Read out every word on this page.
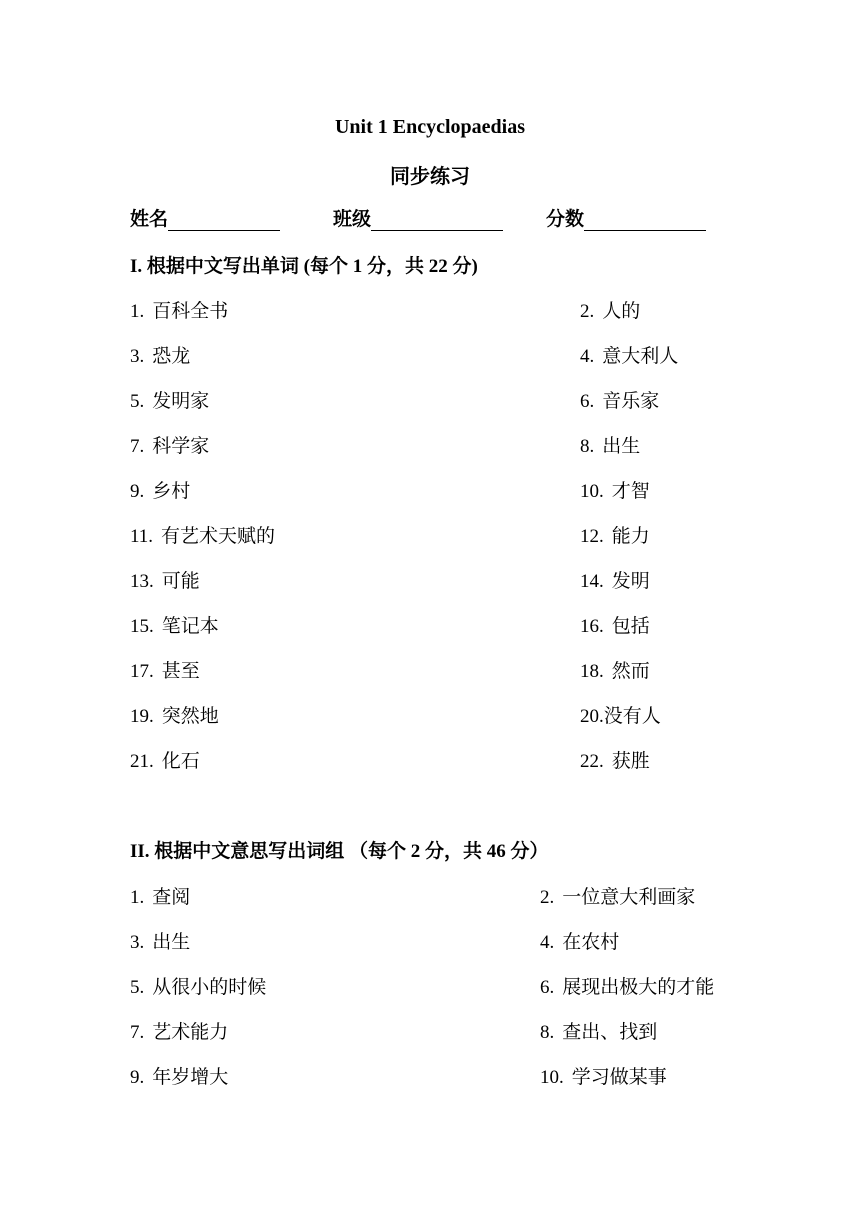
Unit 1 Encyclopaedias
同步练习
姓名	班级	分数
I. 根据中文写出单词 (每个 1 分，共 22 分)
1. 百科全书	2. 人的
3. 恐龙	4. 意大利人
5. 发明家	6. 音乐家
7. 科学家	8. 出生
9. 乡村	10. 才智
11. 有艺术天赋的	12. 能力
13. 可能	14. 发明
15. 笔记本	16. 包括
17. 甚至	18. 然而
19. 突然地	20.没有人
21. 化石	22. 获胜
II. 根据中文意思写出词组 （每个 2 分，共 46 分）
1. 查阅	2. 一位意大利画家
3. 出生	4. 在农村
5. 从很小的时候	6. 展现出极大的才能
7. 艺术能力	8. 查出、找到
9. 年岁增大	10. 学习做某事
